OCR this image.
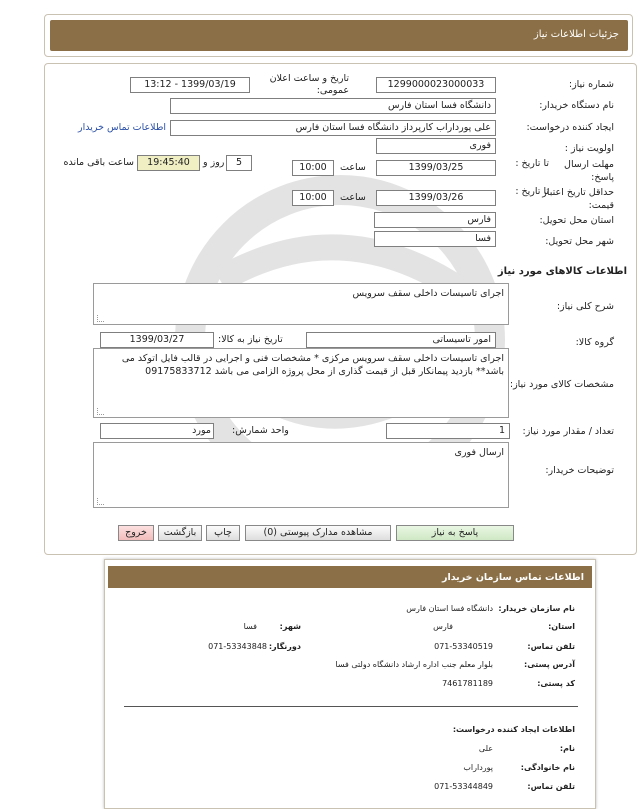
جزئیات اطلاعات نیاز
شماره نیاز:
1299000023000033
تاریخ و ساعت اعلان عمومی:
1399/03/19 - 13:12
نام دستگاه خریدار:
دانشگاه فسا استان فارس
ایجاد کننده درخواست:
علی پورداراب کارپرداز دانشگاه فسا استان فارس
اطلاعات تماس خریدار
اولویت نیاز :
فوری
مهلت ارسال پاسخ:
تا تاریخ :
1399/03/25
ساعت
10:00
5
روز و
19:45:40
ساعت باقی مانده
حداقل تاریخ اعتبار قیمت:
تا تاریخ :
1399/03/26
ساعت
10:00
استان محل تحویل:
فارس
شهر محل تحویل:
فسا
اطلاعات کالاهای مورد نیاز
شرح کلی نیاز:
اجرای تاسیسات داخلی سقف سرویس
گروه کالا:
امور تاسیساتی
تاریخ نیاز به کالا:
1399/03/27
مشخصات کالای مورد نیاز:
اجرای تاسیسات داخلی سقف سرویس مرکزی * مشخصات فنی و اجرایی در قالب فایل اتوکد می باشد** بازدید پیمانکار قبل از قیمت گذاری از محل پروژه الزامی می باشد 09175833712
تعداد / مقدار مورد نیاز:
1
واحد شمارش:
مورد
توضیحات خریدار:
ارسال فوری
پاسخ به نیاز
مشاهده مدارک پیوستی (0)
چاپ
بازگشت
خروج
اطلاعات تماس سازمان خریدار
نام سازمان خریدار:
دانشگاه فسا استان فارس
استان:
فارس
شهر:
فسا
تلفن تماس:
071-53340519
دورنگار:
071-53343848
آدرس پستی:
بلوار معلم جنب اداره ارشاد دانشگاه دولتی فسا
کد پستی:
7461781189
اطلاعات ایجاد کننده درخواست:
نام:
علی
نام خانوادگی:
پورداراب
تلفن تماس:
071-53344849
